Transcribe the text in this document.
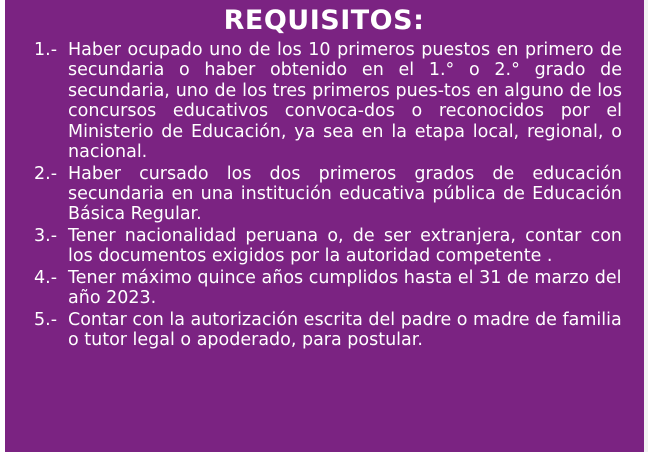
REQUISITOS:
1.- Haber ocupado uno de los 10 primeros puestos en primero de secundaria o haber obtenido en el 1.° o 2.° grado de secundaria, uno de los tres primeros pues-tos en alguno de los concursos educativos convoca-dos o reconocidos por el Ministerio de Educación, ya sea en la etapa local, regional, o nacional.
2.- Haber cursado los dos primeros grados de educación secundaria en una institución educativa pública de Educación Básica Regular.
3.- Tener nacionalidad peruana o, de ser extranjera, contar con los documentos exigidos por la autoridad competente .
4.- Tener máximo quince años cumplidos hasta el 31 de marzo del año 2023.
5.- Contar con la autorización escrita del padre o madre de familia o tutor legal o apoderado, para postular.
